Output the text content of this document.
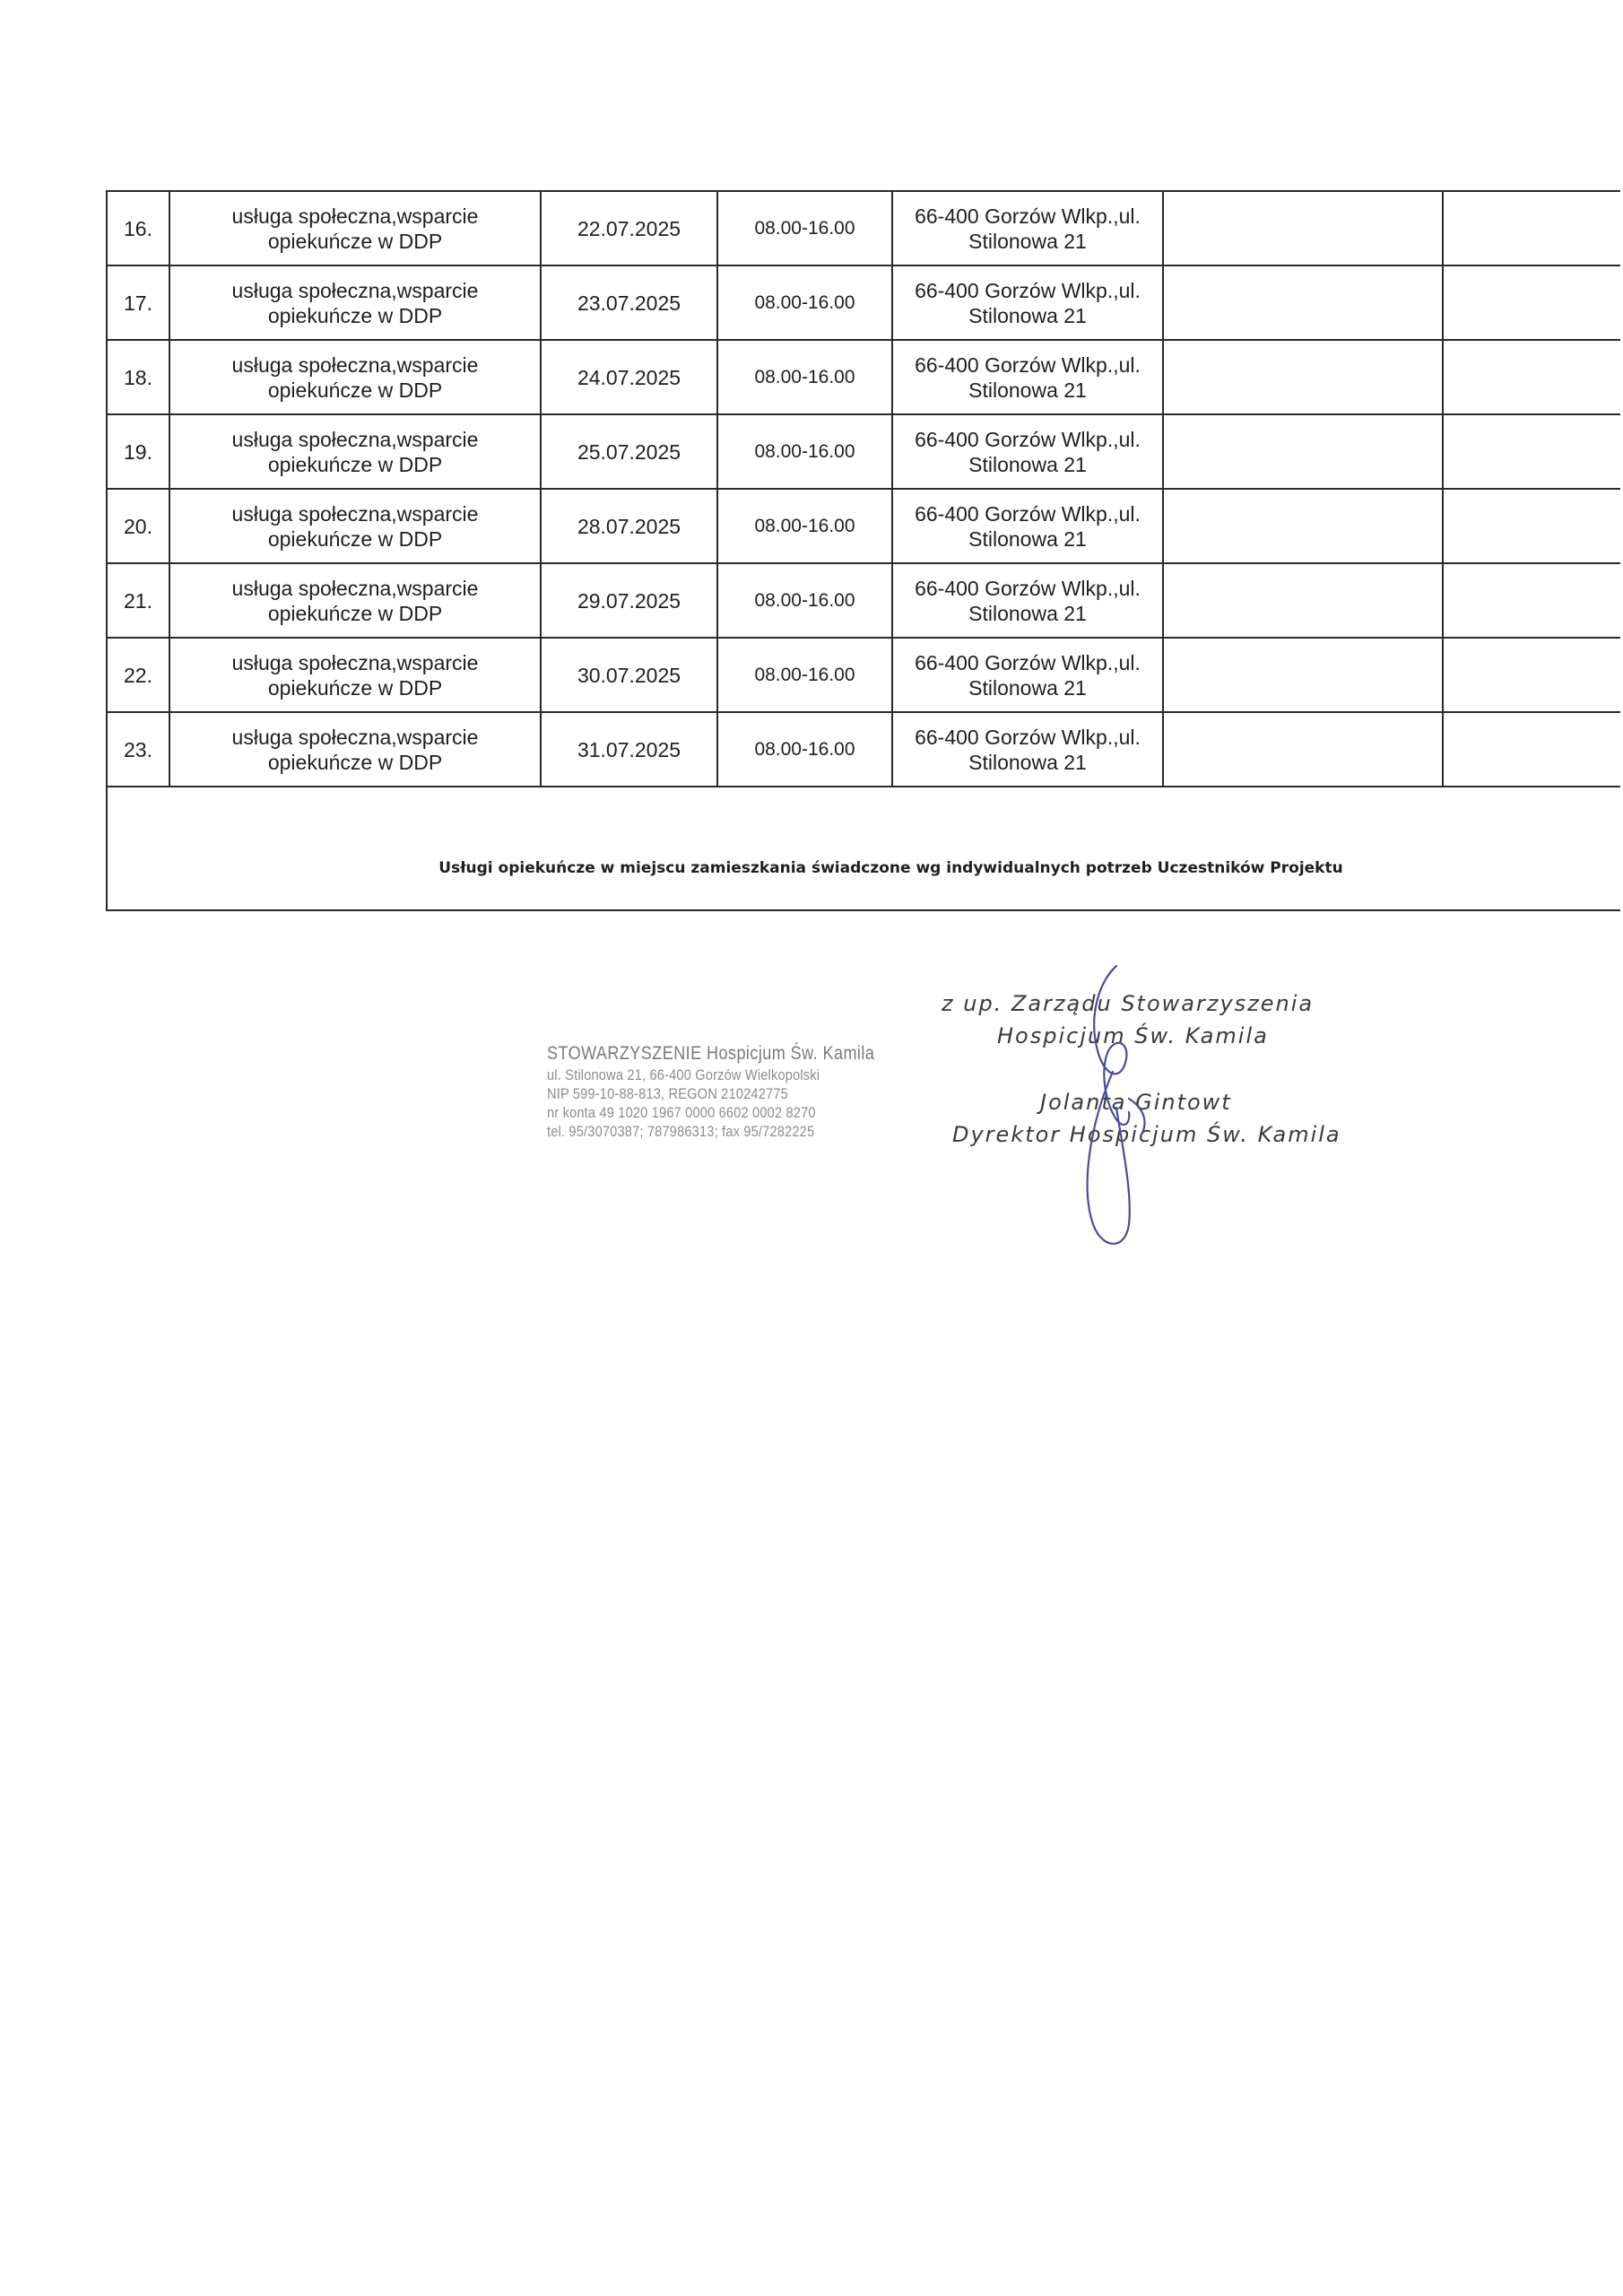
16.	usługa społeczna,wsparcie
opiekuńcze w DDP	22.07.2025	08.00-16.00	66-400 Gorzów Wlkp.,ul.
Stilonowa 21		

17.	usługa społeczna,wsparcie
opiekuńcze w DDP	23.07.2025	08.00-16.00	66-400 Gorzów Wlkp.,ul.
Stilonowa 21		

18.	usługa społeczna,wsparcie
opiekuńcze w DDP	24.07.2025	08.00-16.00	66-400 Gorzów Wlkp.,ul.
Stilonowa 21		

19.	usługa społeczna,wsparcie
opiekuńcze w DDP	25.07.2025	08.00-16.00	66-400 Gorzów Wlkp.,ul.
Stilonowa 21		

20.	usługa społeczna,wsparcie
opiekuńcze w DDP	28.07.2025	08.00-16.00	66-400 Gorzów Wlkp.,ul.
Stilonowa 21		

21.	usługa społeczna,wsparcie
opiekuńcze w DDP	29.07.2025	08.00-16.00	66-400 Gorzów Wlkp.,ul.
Stilonowa 21		

22.	usługa społeczna,wsparcie
opiekuńcze w DDP	30.07.2025	08.00-16.00	66-400 Gorzów Wlkp.,ul.
Stilonowa 21		

23.	usługa społeczna,wsparcie
opiekuńcze w DDP	31.07.2025	08.00-16.00	66-400 Gorzów Wlkp.,ul.
Stilonowa 21		

Usługi opiekuńcze w miejscu zamieszkania świadczone wg indywidualnych potrzeb Uczestników Projektu						
STOWARZYSZENIE Hospicjum Św. Kamila
ul. Stilonowa 21, 66-400 Gorzów Wielkopolski
NIP 599-10-88-813, REGON 210242775
nr konta 49 1020 1967 0000 6602 0002 8270
tel. 95/3070387; 787986313; fax 95/7282225
z up. Zarządu Stowarzyszenia
Hospicjum Św. Kamila
Jolanta Gintowt
Dyrektor Hospicjum Św. Kamila
